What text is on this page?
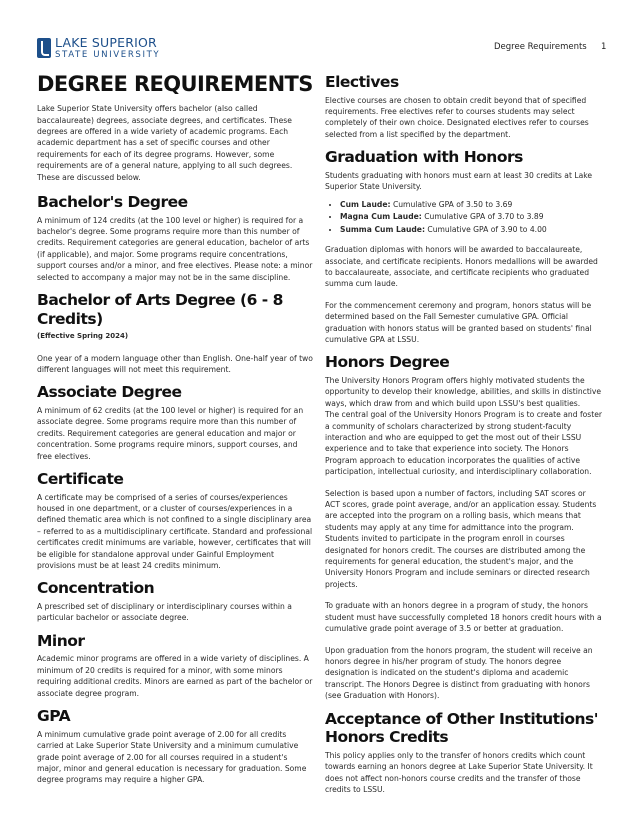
LAKE SUPERIOR
STATE UNIVERSITY
Degree Requirements 1
DEGREE REQUIREMENTS

Lake Superior State University offers bachelor (also called baccalaureate) degrees, associate degrees, and certificates. These degrees are offered in a wide variety of academic programs. Each academic department has a set of specific courses and other requirements for each of its degree programs. However, some requirements are of a general nature, applying to all such degrees. These are discussed below.

Bachelor's Degree

A minimum of 124 credits (at the 100 level or higher) is required for a bachelor's degree. Some programs require more than this number of credits. Requirement categories are general education, bachelor of arts (if applicable), and major. Some programs require concentrations, support courses and/or a minor, and free electives. Please note: a minor selected to accompany a major may not be in the same discipline.

Bachelor of Arts Degree (6 - 8 Credits)

(Effective Spring 2024)

One year of a modern language other than English. One-half year of two different languages will not meet this requirement.

Associate Degree

A minimum of 62 credits (at the 100 level or higher) is required for an associate degree. Some programs require more than this number of credits. Requirement categories are general education and major or concentration. Some programs require minors, support courses, and free electives.

Certificate

A certificate may be comprised of a series of courses/experiences housed in one department, or a cluster of courses/experiences in a defined thematic area which is not confined to a single disciplinary area – referred to as a multidisciplinary certificate. Standard and professional certificates credit minimums are variable, however, certificates that will be eligible for standalone approval under Gainful Employment provisions must be at least 24 credits minimum.

Concentration

A prescribed set of disciplinary or interdisciplinary courses within a particular bachelor or associate degree.

Minor

Academic minor programs are offered in a wide variety of disciplines. A minimum of 20 credits is required for a minor, with some minors requiring additional credits. Minors are earned as part of the bachelor or associate degree program.

GPA

A minimum cumulative grade point average of 2.00 for all credits carried at Lake Superior State University and a minimum cumulative grade point average of 2.00 for all courses required in a student's major, minor and general education is necessary for graduation. Some degree programs may require a higher GPA.

Electives

Elective courses are chosen to obtain credit beyond that of specified requirements. Free electives refer to courses students may select completely of their own choice. Designated electives refer to courses selected from a list specified by the department.

Graduation with Honors

Students graduating with honors must earn at least 30 credits at Lake Superior State University.

• Cum Laude: Cumulative GPA of 3.50 to 3.69
• Magna Cum Laude: Cumulative GPA of 3.70 to 3.89
• Summa Cum Laude: Cumulative GPA of 3.90 to 4.00

Graduation diplomas with honors will be awarded to baccalaureate, associate, and certificate recipients. Honors medallions will be awarded to baccalaureate, associate, and certificate recipients who graduated summa cum laude.

For the commencement ceremony and program, honors status will be determined based on the Fall Semester cumulative GPA. Official graduation with honors status will be granted based on students' final cumulative GPA at LSSU.

Honors Degree

The University Honors Program offers highly motivated students the opportunity to develop their knowledge, abilities, and skills in distinctive ways, which draw from and which build upon LSSU's best qualities.

The central goal of the University Honors Program is to create and foster a community of scholars characterized by strong student-faculty interaction and who are equipped to get the most out of their LSSU experience and to take that experience into society. The Honors Program approach to education incorporates the qualities of active participation, intellectual curiosity, and interdisciplinary collaboration.

Selection is based upon a number of factors, including SAT scores or ACT scores, grade point average, and/or an application essay. Students are accepted into the program on a rolling basis, which means that students may apply at any time for admittance into the program. Students invited to participate in the program enroll in courses designated for honors credit. The courses are distributed among the requirements for general education, the student's major, and the University Honors Program and include seminars or directed research projects.

To graduate with an honors degree in a program of study, the honors student must have successfully completed 18 honors credit hours with a cumulative grade point average of 3.5 or better at graduation.

Upon graduation from the honors program, the student will receive an honors degree in his/her program of study. The honors degree designation is indicated on the student's diploma and academic transcript. The Honors Degree is distinct from graduating with honors (see Graduation with Honors).

Acceptance of Other Institutions' Honors Credits

This policy applies only to the transfer of honors credits which count towards earning an honors degree at Lake Superior State University. It does not affect non-honors course credits and the transfer of those credits to LSSU.
